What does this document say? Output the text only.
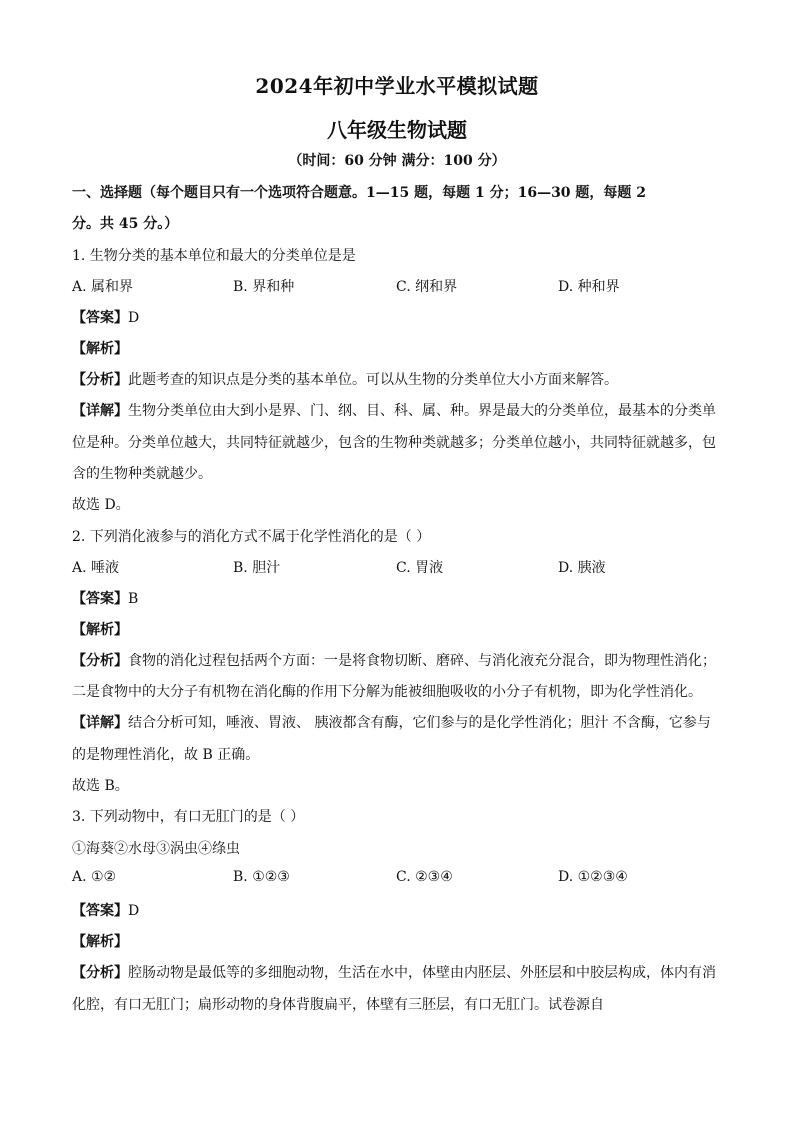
2024年初中学业水平模拟试题
八年级生物试题
（时间：60 分钟 满分：100 分）
一、选择题（每个题目只有一个选项符合题意。1—15 题，每题 1 分；16—30 题，每题 2
分。共 45 分。）
1. 生物分类的基本单位和最大的分类单位是是
A. 属和界	B. 界和种	C. 纲和界	D. 种和界
【答案】D
【解析】
【分析】此题考查的知识点是分类的基本单位。可以从生物的分类单位大小方面来解答。
【详解】生物分类单位由大到小是界、门、纲、目、科、属、种。界是最大的分类单位，最基本的分类单
位是种。分类单位越大，共同特征就越少，包含的生物种类就越多；分类单位越小，共同特征就越多，包
含的生物种类就越少。
故选 D。
2. 下列消化液参与的消化方式不属于化学性消化的是（ ）
A. 唾液	B. 胆汁	C. 胃液	D. 胰液
【答案】B
【解析】
【分析】食物的消化过程包括两个方面：一是将食物切断、磨碎、与消化液充分混合，即为物理性消化；
二是食物中的大分子有机物在消化酶的作用下分解为能被细胞吸收的小分子有机物，即为化学性消化。
【详解】结合分析可知，唾液、胃液、 胰液都含有酶，它们参与的是化学性消化；胆汁 不含酶，它参与
的是物理性消化，故 B 正确。
故选 B。
3. 下列动物中，有口无肛门的是（ ）
①海葵②水母③涡虫④绦虫
A. ①②	B. ①②③	C. ②③④	D. ①②③④
【答案】D
【解析】
【分析】腔肠动物是最低等的多细胞动物，生活在水中，体壁由内胚层、外胚层和中胶层构成，体内有消
化腔，有口无肛门；扁形动物的身体背腹扁平，体壁有三胚层，有口无肛门。试卷源自
